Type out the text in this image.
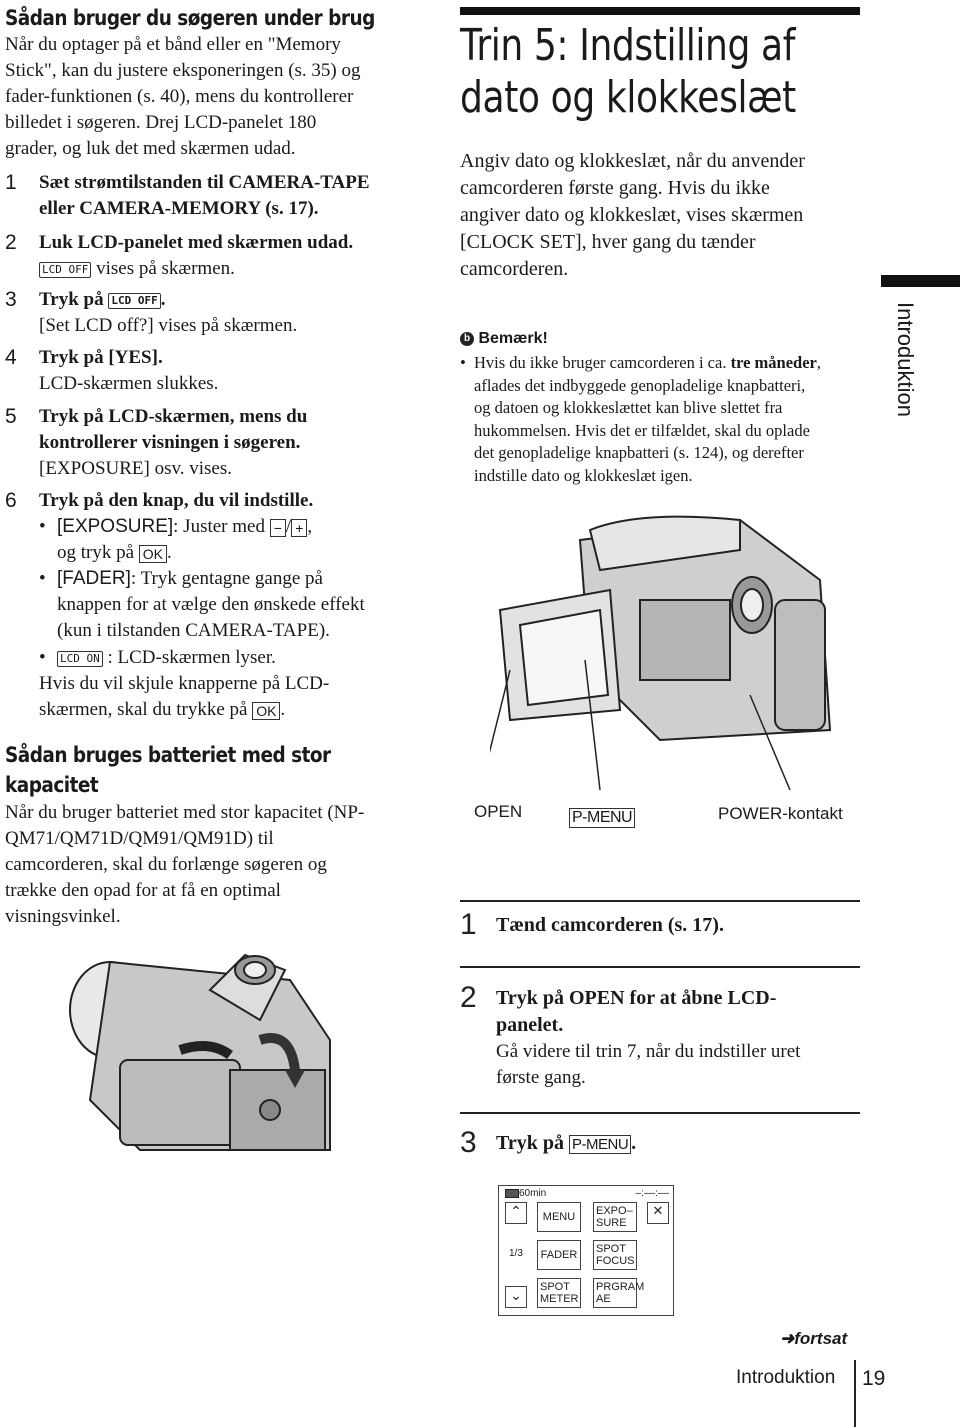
Sådan bruger du søgeren under brug
Når du optager på et bånd eller en "Memory
Stick", kan du justere eksponeringen (s. 35) og
fader-funktionen (s. 40), mens du kontrollerer
billedet i søgeren. Drej LCD-panelet 180
grader, og luk det med skærmen udad.
1 Sæt strømtilstanden til CAMERA-TAPE
eller CAMERA-MEMORY (s. 17).
2 Luk LCD-panelet med skærmen udad.
LCD OFF vises på skærmen.
3 Tryk på LCD OFF .
[Set LCD off?] vises på skærmen.
4 Tryk på [YES].
LCD-skærmen slukkes.
5 Tryk på LCD-skærmen, mens du
kontrollerer visningen i søgeren.
[EXPOSURE] osv. vises.
6 Tryk på den knap, du vil indstille.
• [EXPOSURE]: Juster med − / + ,
og tryk på OK .
• [FADER]: Tryk gentagne gange på
knappen for at vælge den ønskede effekt
(kun i tilstanden CAMERA-TAPE).
• LCD ON : LCD-skærmen lyser.
Hvis du vil skjule knapperne på LCD-
skærmen, skal du trykke på OK .
Sådan bruges batteriet med stor
kapacitet
Når du bruger batteriet med stor kapacitet (NP-
QM71/QM71D/QM91/QM91D) til
camcorderen, skal du forlænge søgeren og
trække den opad for at få en optimal
visningsvinkel.
Trin 5: Indstilling af
dato og klokkeslæt
Angiv dato og klokkeslæt, når du anvender
camcorderen første gang. Hvis du ikke
angiver dato og klokkeslæt, vises skærmen
[CLOCK SET], hver gang du tænder
camcorderen.
b Bemærk!
• Hvis du ikke bruger camcorderen i ca. tre måneder,
aflades det indbyggede genopladelige knapbatteri,
og datoen og klokkeslættet kan blive slettet fra
hukommelsen. Hvis det er tilfældet, skal du oplade
det genopladelige knapbatteri (s. 124), og derefter
indstille dato og klokkeslæt igen.
OPEN	P-MENU	POWER-kontakt
1 Tænd camcorderen (s. 17).
2 Tryk på OPEN for at åbne LCD-
panelet.
Gå videre til trin 7, når du indstiller uret
første gang.
3 Tryk på P-MENU .
60min	–:––:––
⌃	MENU	EXPO–
SURE
✕
1/3	FADER	SPOT
FOCUS
⌄	SPOT
METER
PRGRAM
AE
➜fortsat
Introduktion 19
Introduktion
